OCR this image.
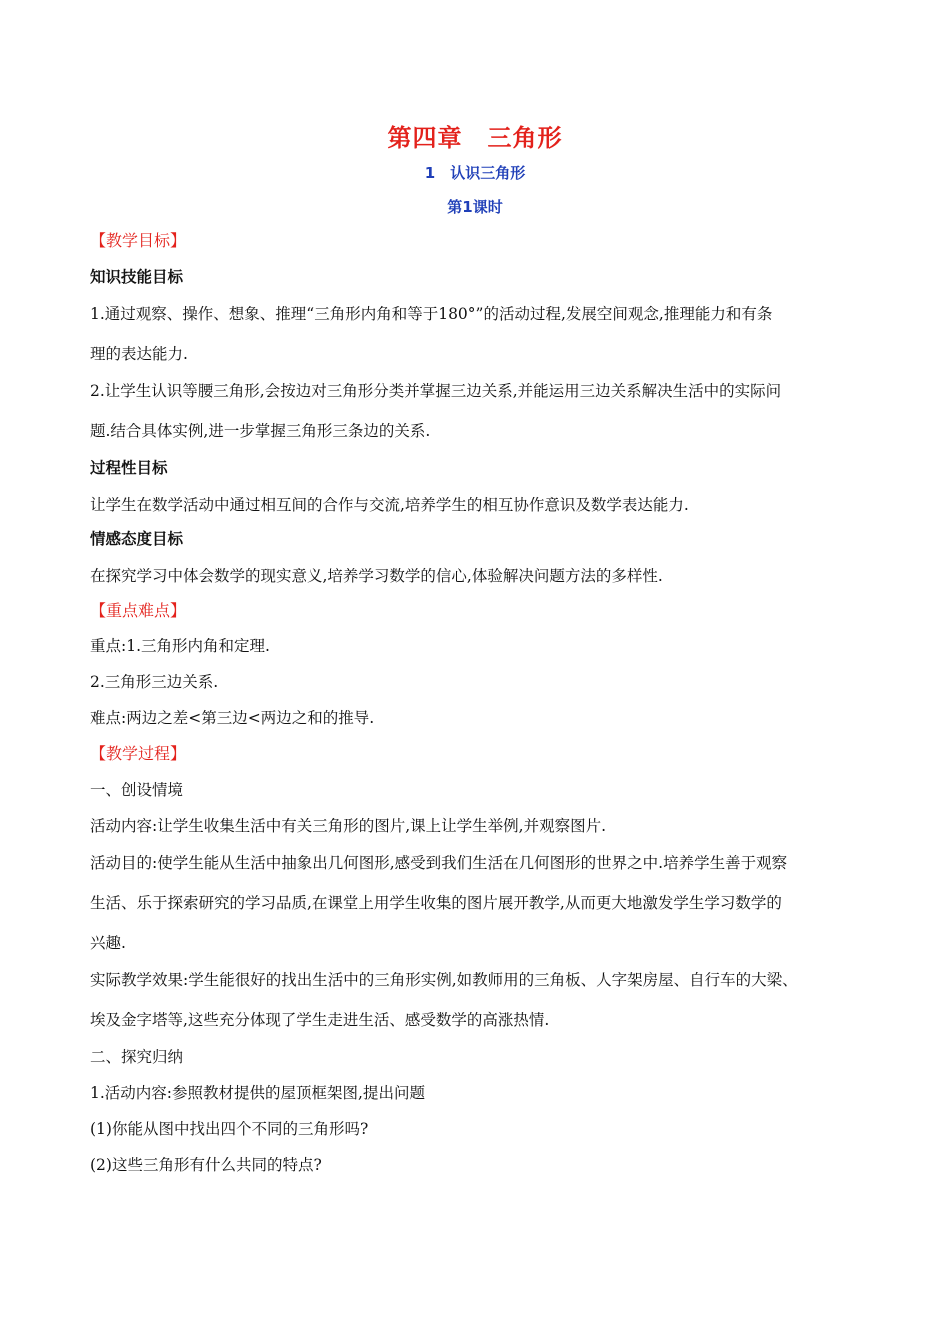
第四章　三角形
1　认识三角形
第1课时
【教学目标】
知识技能目标
1.通过观察、操作、想象、推理“三角形内角和等于180°”的活动过程,发展空间观念,推理能力和有条
理的表达能力.
2.让学生认识等腰三角形,会按边对三角形分类并掌握三边关系,并能运用三边关系解决生活中的实际问
题.结合具体实例,进一步掌握三角形三条边的关系.
过程性目标
让学生在数学活动中通过相互间的合作与交流,培养学生的相互协作意识及数学表达能力.
情感态度目标
在探究学习中体会数学的现实意义,培养学习数学的信心,体验解决问题方法的多样性.
【重点难点】
重点:1.三角形内角和定理.
2.三角形三边关系.
难点:两边之差<第三边<两边之和的推导.
【教学过程】
一、创设情境
活动内容:让学生收集生活中有关三角形的图片,课上让学生举例,并观察图片.
活动目的:使学生能从生活中抽象出几何图形,感受到我们生活在几何图形的世界之中.培养学生善于观察
生活、乐于探索研究的学习品质,在课堂上用学生收集的图片展开教学,从而更大地激发学生学习数学的
兴趣.
实际教学效果:学生能很好的找出生活中的三角形实例,如教师用的三角板、人字架房屋、自行车的大梁、
埃及金字塔等,这些充分体现了学生走进生活、感受数学的高涨热情.
二、探究归纳
1.活动内容:参照教材提供的屋顶框架图,提出问题
(1)你能从图中找出四个不同的三角形吗?
(2)这些三角形有什么共同的特点?
